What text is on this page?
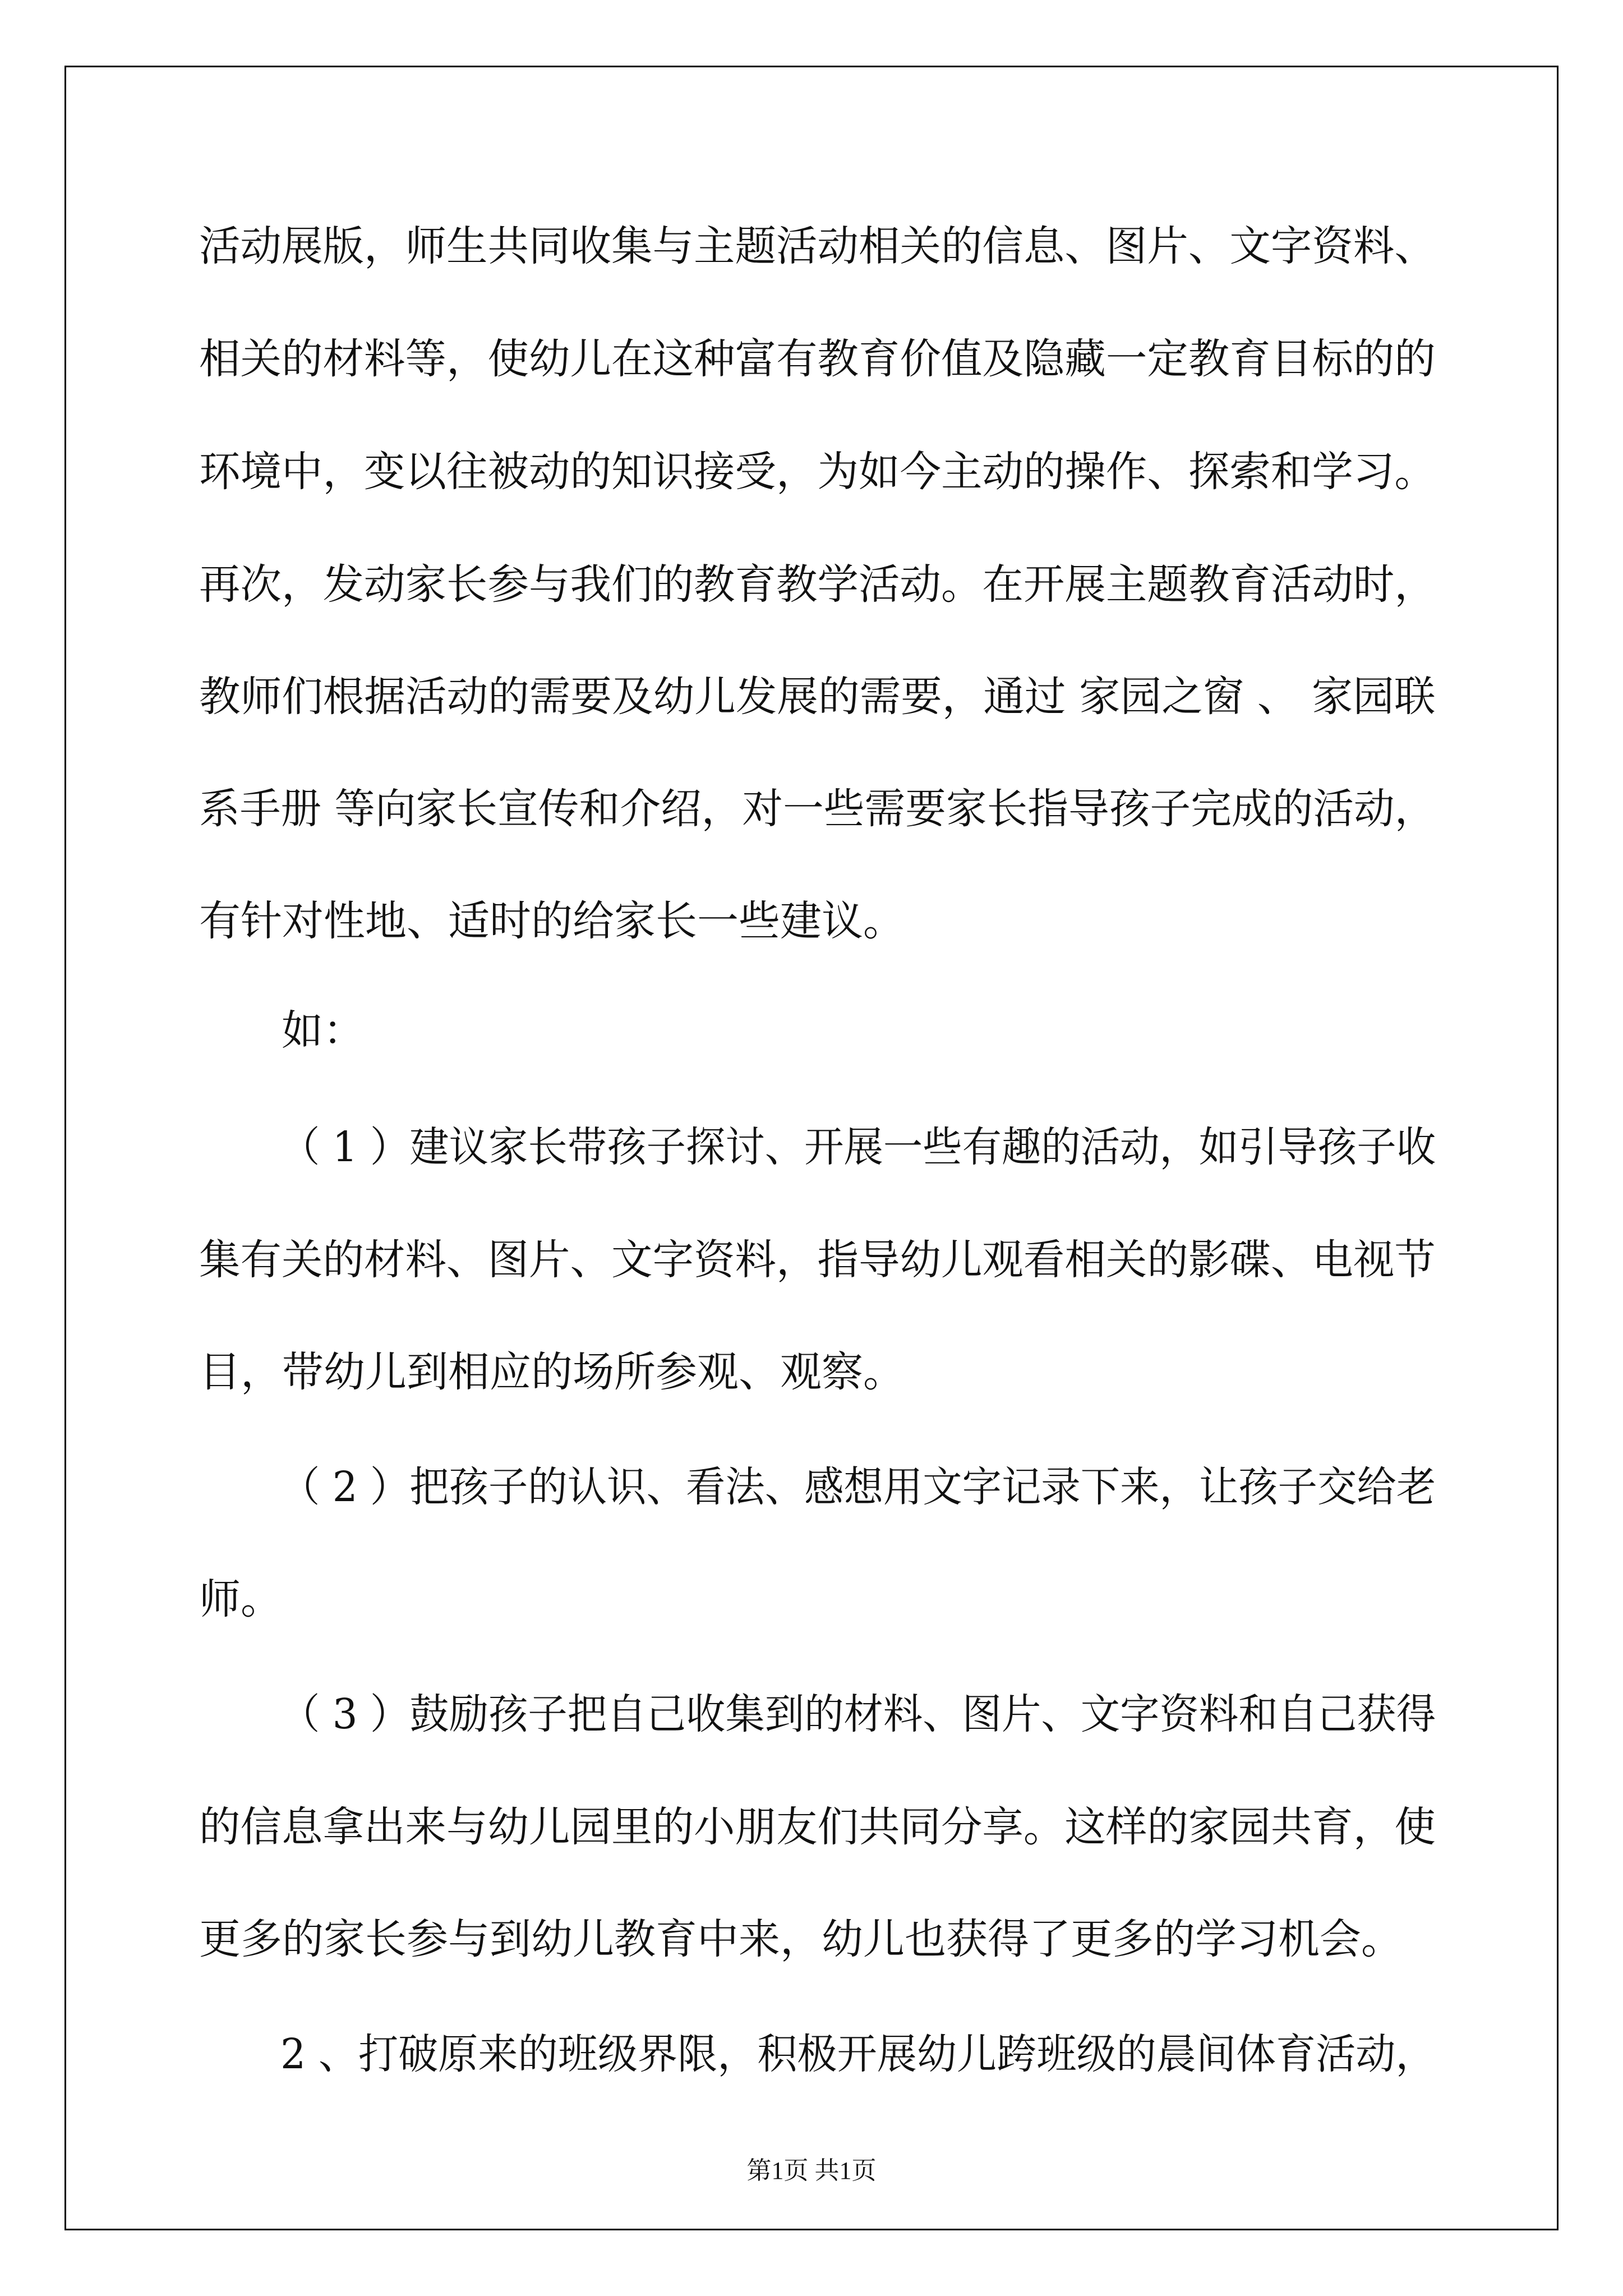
活动展版，师生共同收集与主题活动相关的信息、图片、文字资料、
相关的材料等，使幼儿在这种富有教育价值及隐藏一定教育目标的的
环境中，变以往被动的知识接受，为如今主动的操作、探索和学习。
再次，发动家长参与我们的教育教学活动。在开展主题教育活动时，
教师们根据活动的需要及幼儿发展的需要，通过 家园之窗 、 家园联
系手册 等向家长宣传和介绍，对一些需要家长指导孩子完成的活动，
有针对性地、适时的给家长一些建议。
如：
（ 1 ）建议家长带孩子探讨、开展一些有趣的活动，如引导孩子收
集有关的材料、图片、文字资料，指导幼儿观看相关的影碟、电视节
目，带幼儿到相应的场所参观、观察。
（ 2 ）把孩子的认识、看法、感想用文字记录下来，让孩子交给老
师。
（ 3 ）鼓励孩子把自己收集到的材料、图片、文字资料和自己获得
的信息拿出来与幼儿园里的小朋友们共同分享。这样的家园共育，使
更多的家长参与到幼儿教育中来，幼儿也获得了更多的学习机会。
2 、打破原来的班级界限，积极开展幼儿跨班级的晨间体育活动，
第1页 共1页
